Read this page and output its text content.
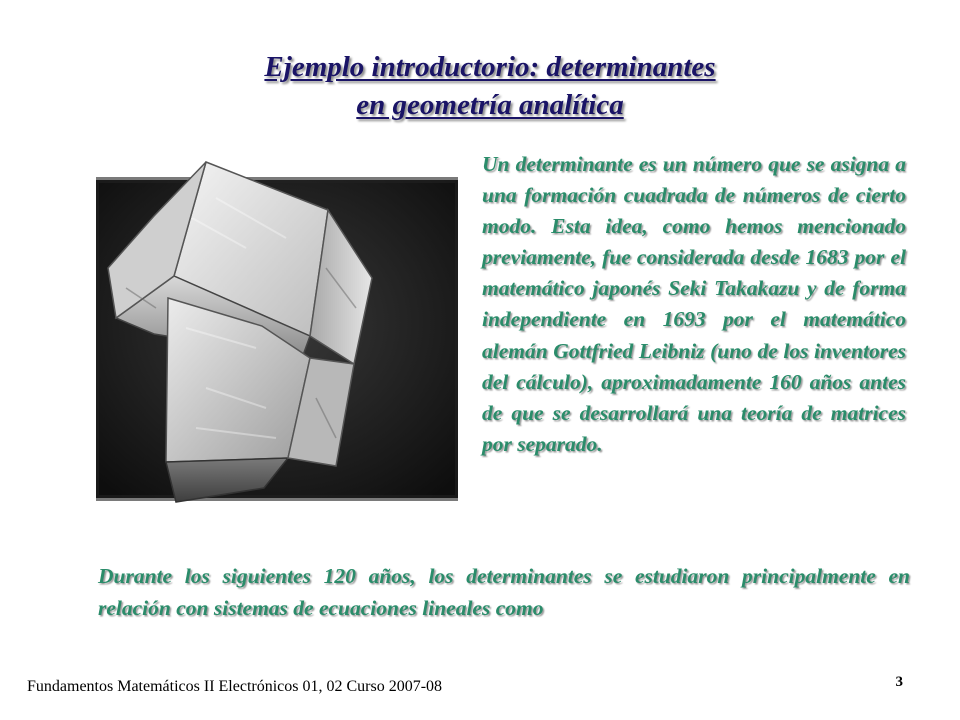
Ejemplo introductorio: determinantes
en geometría analítica
Un determinante es un número que se asigna a una formación cuadrada de números de cierto modo. Esta idea, como hemos mencionado previamente, fue considerada desde 1683 por el matemático japonés Seki Takakazu y de forma independiente en 1693 por el matemático alemán Gottfried Leibniz (uno de los inventores del cálculo), aproximadamente 160 años antes de que se desarrollará una teoría de matrices por separado.
Durante los siguientes 120 años, los determinantes se estudiaron principalmente en relación con sistemas de ecuaciones lineales como
Fundamentos Matemáticos II Electrónicos 01, 02 Curso 2007-08	3
